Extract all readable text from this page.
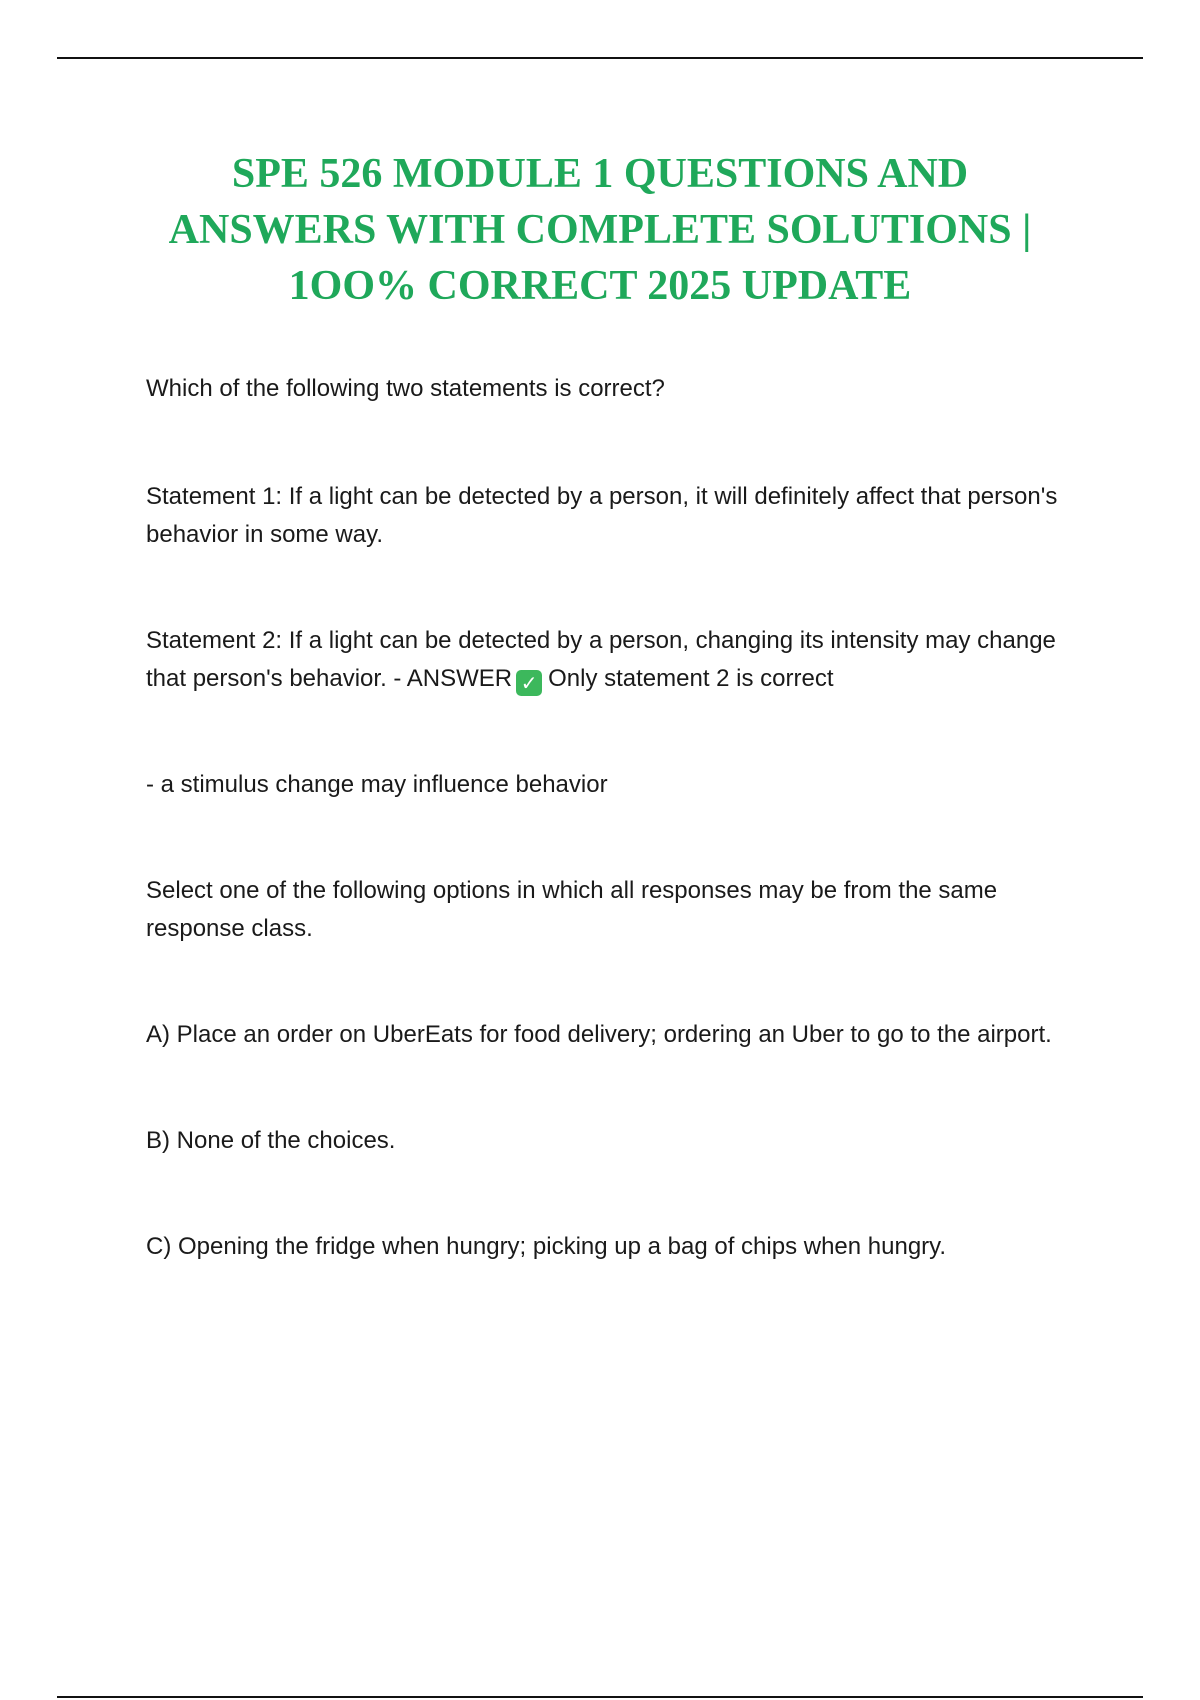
SPE 526 MODULE 1 QUESTIONS AND
ANSWERS WITH COMPLETE SOLUTIONS |
1OO% CORRECT 2025 UPDATE

Which of the following two statements is correct?

Statement 1: If a light can be detected by a person, it will definitely affect that person's behavior in some way.

Statement 2: If a light can be detected by a person, changing its intensity may change that person's behavior. - ANSWER ✓ Only statement 2 is correct

- a stimulus change may influence behavior

Select one of the following options in which all responses may be from the same response class.

A) Place an order on UberEats for food delivery; ordering an Uber to go to the airport.

B) None of the choices.

C) Opening the fridge when hungry; picking up a bag of chips when hungry.
